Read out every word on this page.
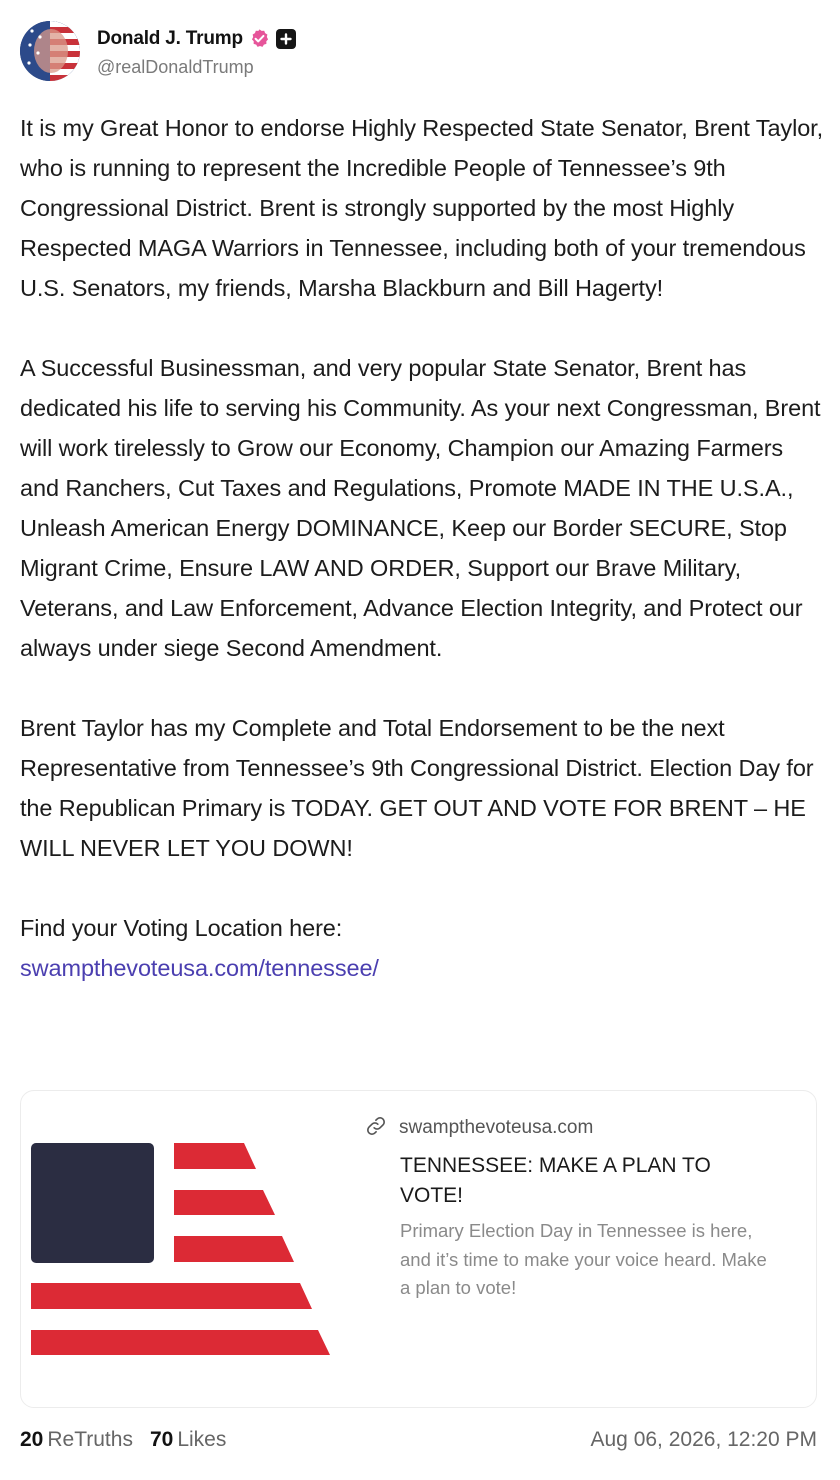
Donald J. Trump
@realDonaldTrump

It is my Great Honor to endorse Highly Respected State Senator, Brent Taylor, who is running to represent the Incredible People of Tennessee’s 9th Congressional District. Brent is strongly supported by the most Highly Respected MAGA Warriors in Tennessee, including both of your tremendous U.S. Senators, my friends, Marsha Blackburn and Bill Hagerty!

A Successful Businessman, and very popular State Senator, Brent has dedicated his life to serving his Community. As your next Congressman, Brent will work tirelessly to Grow our Economy, Champion our Amazing Farmers and Ranchers, Cut Taxes and Regulations, Promote MADE IN THE U.S.A., Unleash American Energy DOMINANCE, Keep our Border SECURE, Stop Migrant Crime, Ensure LAW AND ORDER, Support our Brave Military, Veterans, and Law Enforcement, Advance Election Integrity, and Protect our always under siege Second Amendment.

Brent Taylor has my Complete and Total Endorsement to be the next Representative from Tennessee’s 9th Congressional District. Election Day for the Republican Primary is TODAY. GET OUT AND VOTE FOR BRENT – HE WILL NEVER LET YOU DOWN!

Find your Voting Location here:
swampthevoteusa.com/tennessee/

swampthevoteusa.com
TENNESSEE: MAKE A PLAN TO VOTE!
Primary Election Day in Tennessee is here, and it’s time to make your voice heard. Make a plan to vote!
20 ReTruths 70 Likes	Aug 06, 2026, 12:20 PM
